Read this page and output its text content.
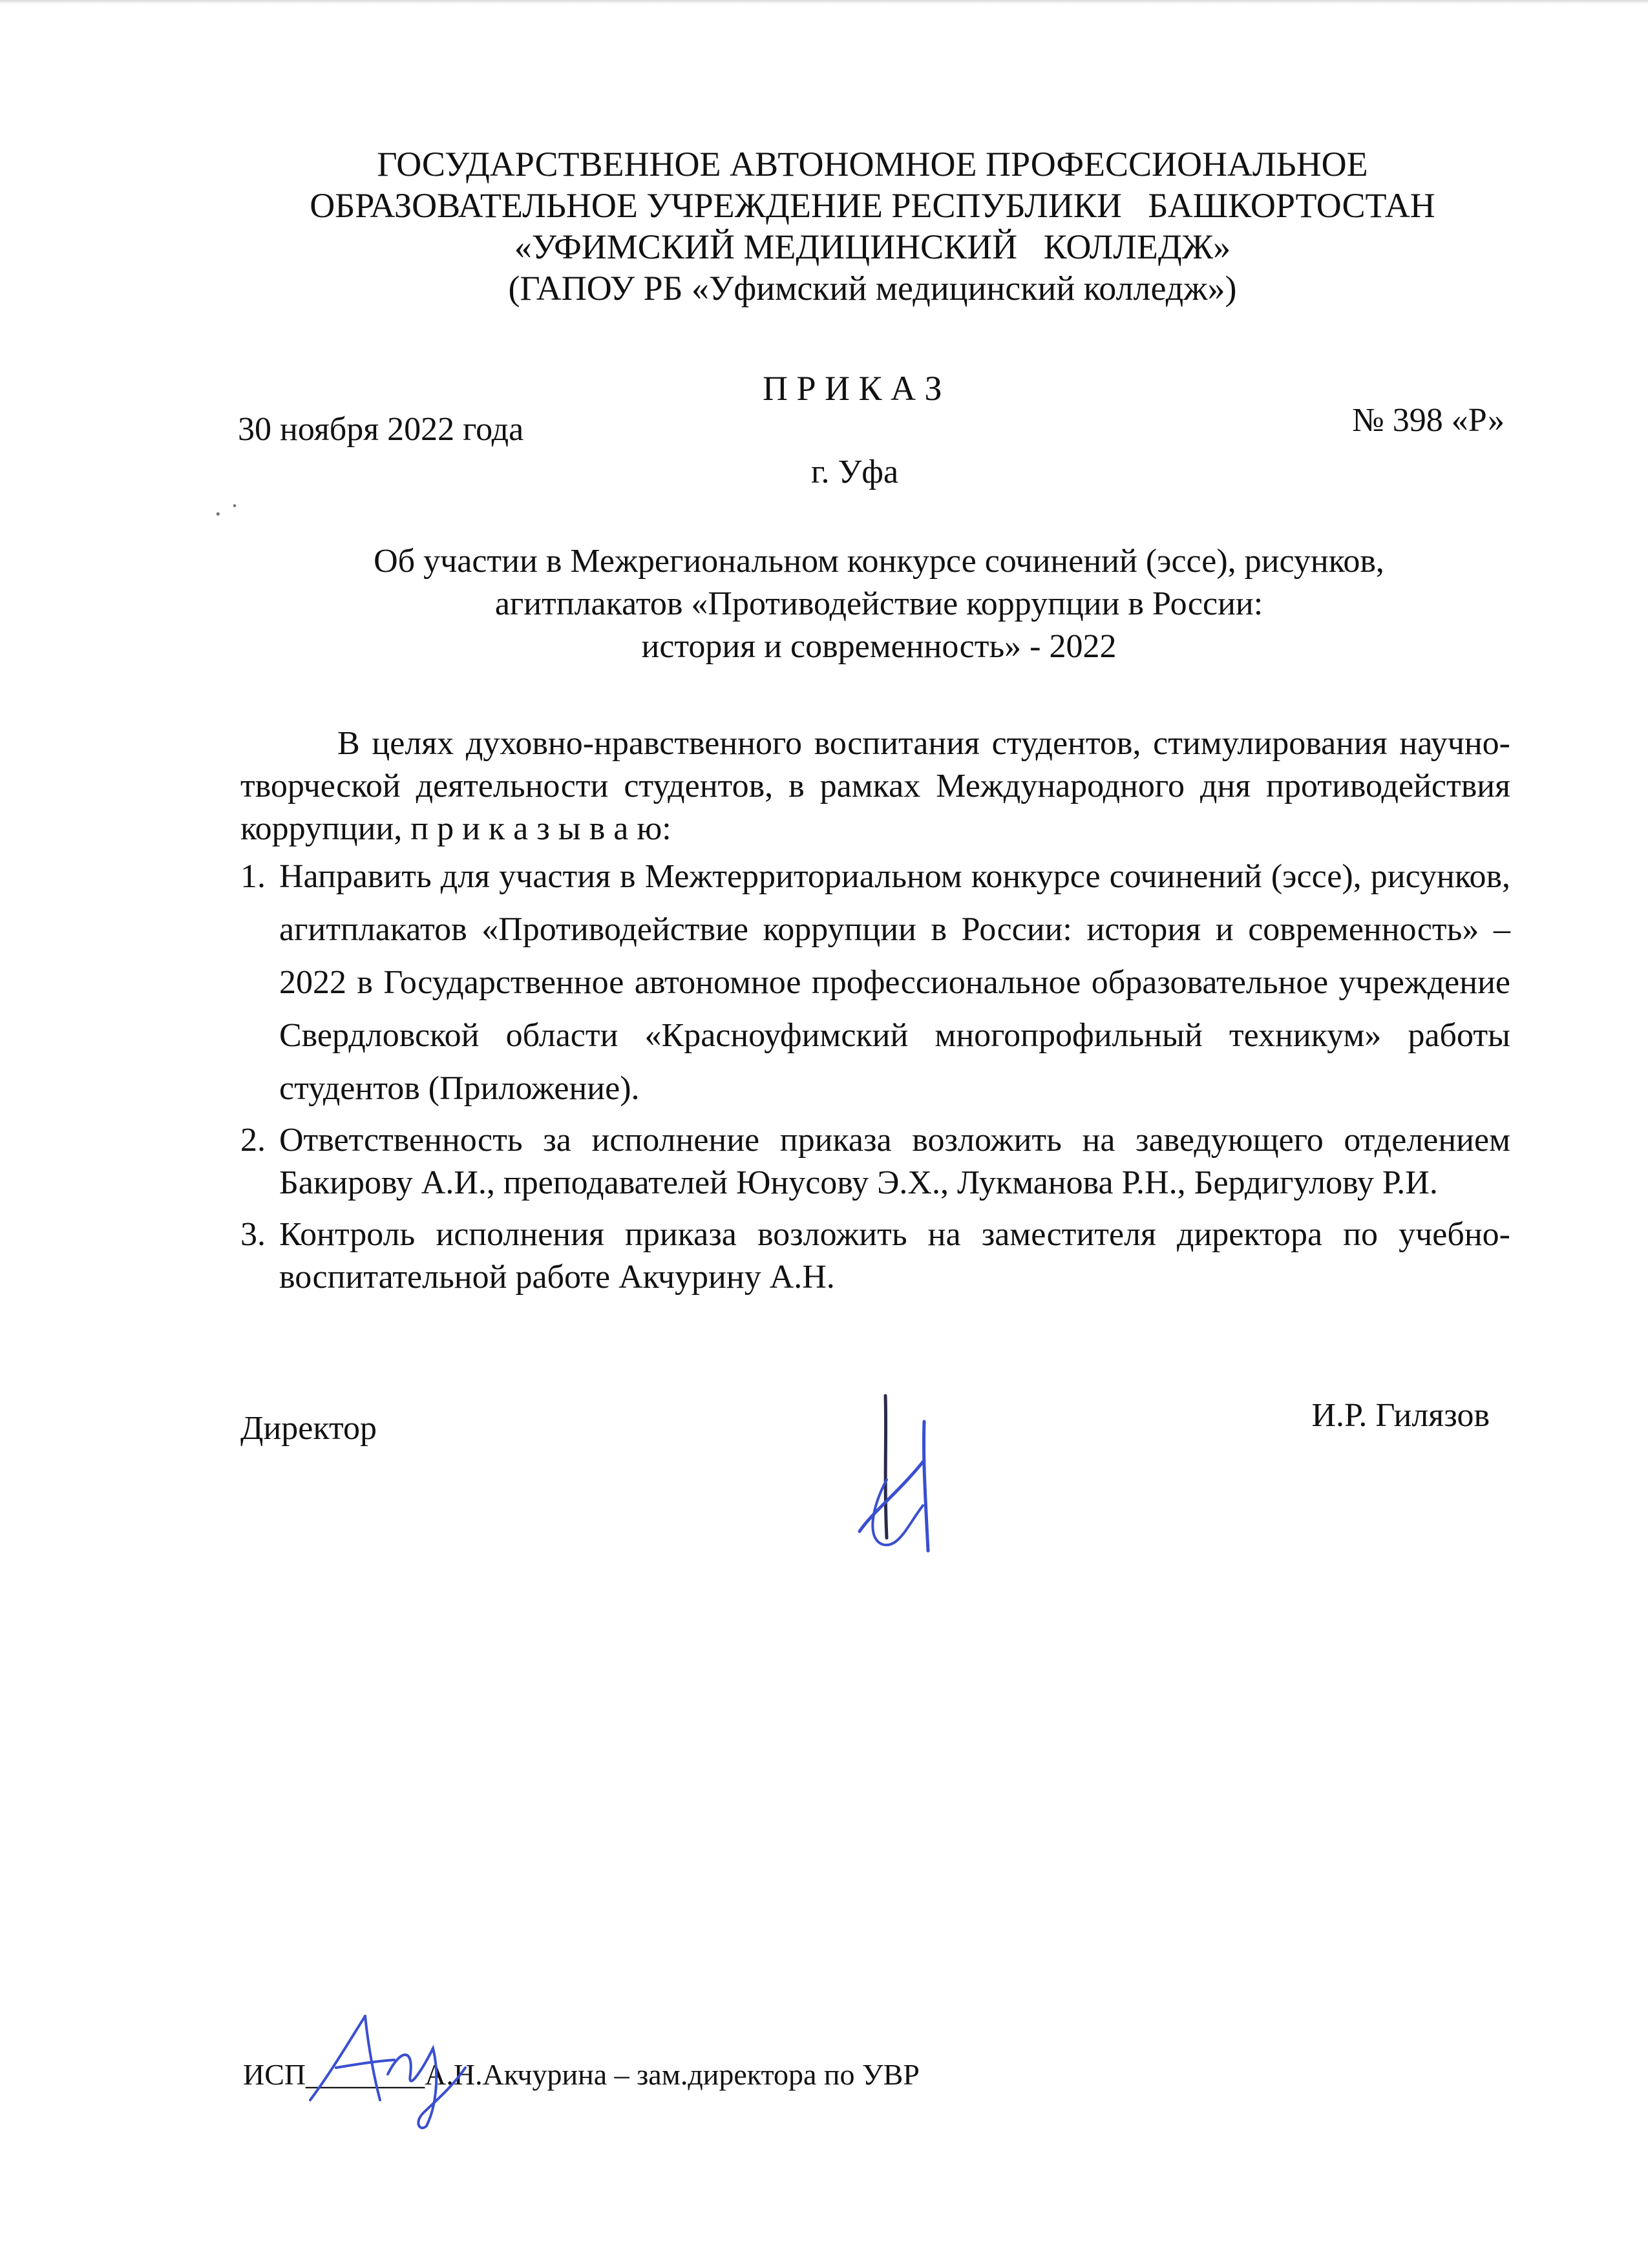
ГОСУДАРСТВЕННОЕ АВТОНОМНОЕ ПРОФЕССИОНАЛЬНОЕ
ОБРАЗОВАТЕЛЬНОЕ УЧРЕЖДЕНИЕ РЕСПУБЛИКИ   БАШКОРТОСТАН
«УФИМСКИЙ МЕДИЦИНСКИЙ   КОЛЛЕДЖ»
(ГАПОУ РБ «Уфимский медицинский колледж»)
П Р И К А З
30 ноября 2022 года	№ 398 «Р»
г. Уфа
· ˙
Об участии в Межрегиональном конкурсе сочинений (эссе), рисунков,
агитплакатов «Противодействие коррупции в России:
история и современность» - 2022

В целях духовно-нравственного воспитания студентов, стимулирования научно-творческой деятельности студентов, в рамках Международного дня противодействия коррупции, п р и к а з ы в а ю:

1. Направить для участия в Межтерриториальном конкурсе сочинений (эссе), рисунков, агитплакатов «Противодействие коррупции в России: история и современность» – 2022 в Государственное автономное профессиональное образовательное учреждение Свердловской области «Красноуфимский многопрофильный техникум» работы студентов (Приложение).
2. Ответственность за исполнение приказа возложить на заведующего отделением Бакирову А.И., преподавателей Юнусову Э.Х., Лукманова Р.Н., Бердигулову Р.И.
3. Контроль исполнения приказа возложить на заместителя директора по учебно-воспитательной работе Акчурину А.Н.
Директор	И.Р. Гилязов
ИСП________А.Н.Акчурина – зам.директора по УВР
